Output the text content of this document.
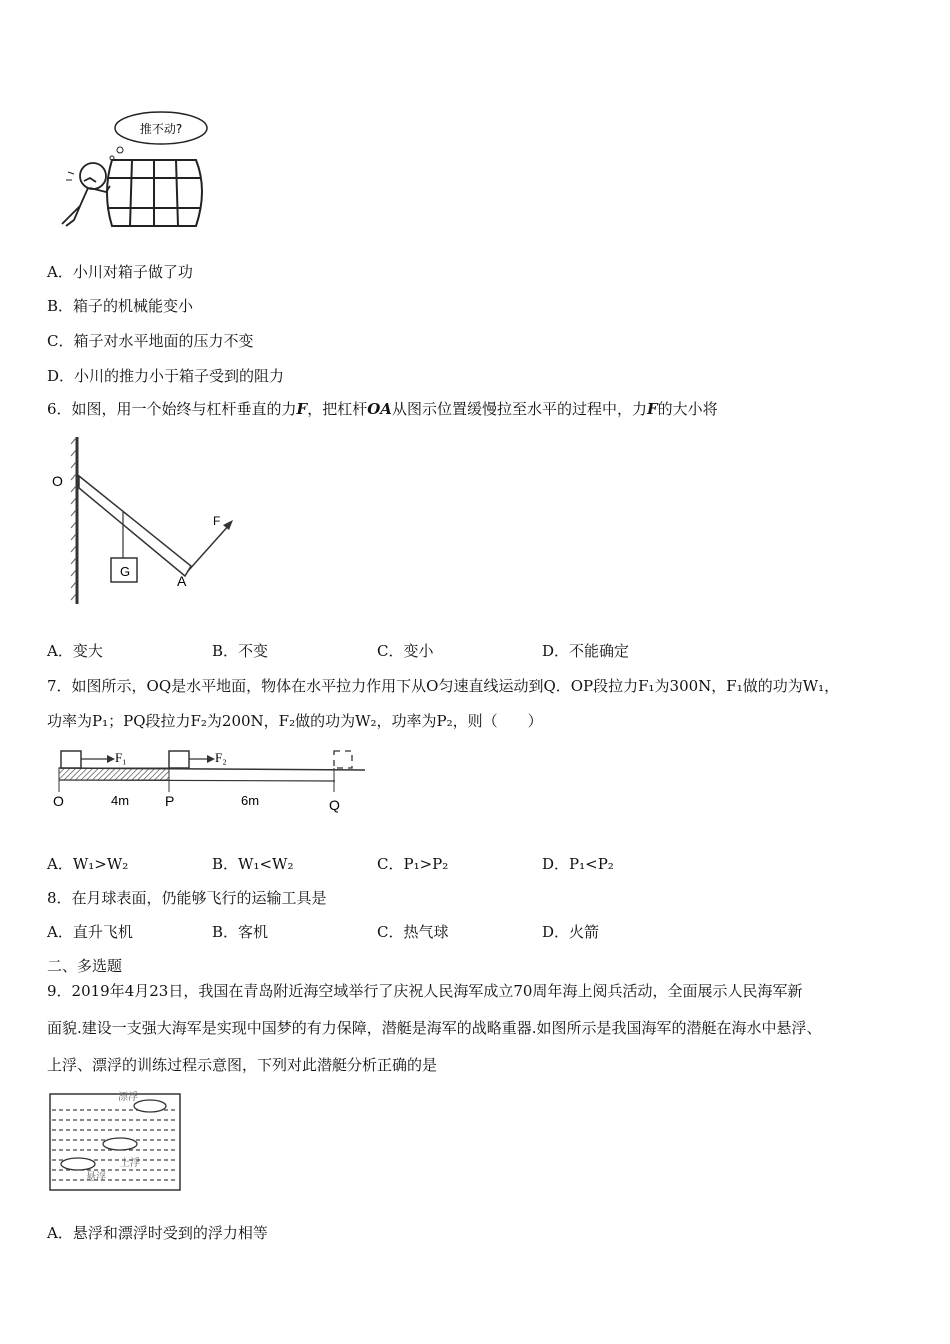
推不动?
A．小川对箱子做了功
B．箱子的机械能变小
C．箱子对水平地面的压力不变
D．小川的推力小于箱子受到的阻力
6．如图，用一个始终与杠杆垂直的力F，把杠杆OA从图示位置缓慢拉至水平的过程中，力F的大小将
O
G
A
F
A．变大	B．不变	C．变小	D．不能确定
7．如图所示，OQ是水平地面，物体在水平拉力作用下从O匀速直线运动到Q．OP段拉力F₁为300N，F₁做的功为W₁，
功率为P₁；PQ段拉力F₂为200N，F₂做的功为W₂，功率为P₂，则（　　）
F₁	F₂
O	4m	P	6m	Q
A．W₁>W₂	B．W₁<W₂	C．P₁>P₂	D．P₁<P₂
8．在月球表面，仍能够飞行的运输工具是
A．直升飞机	B．客机	C．热气球	D．火箭
二、多选题
9．2019年4月23日，我国在青岛附近海空域举行了庆祝人民海军成立70周年海上阅兵活动，全面展示人民海军新
面貌.建设一支强大海军是实现中国梦的有力保障，潜艇是海军的战略重器.如图所示是我国海军的潜艇在海水中悬浮、
上浮、漂浮的训练过程示意图，下列对此潜艇分析正确的是
漂浮
上浮
悬浮
A．悬浮和漂浮时受到的浮力相等
